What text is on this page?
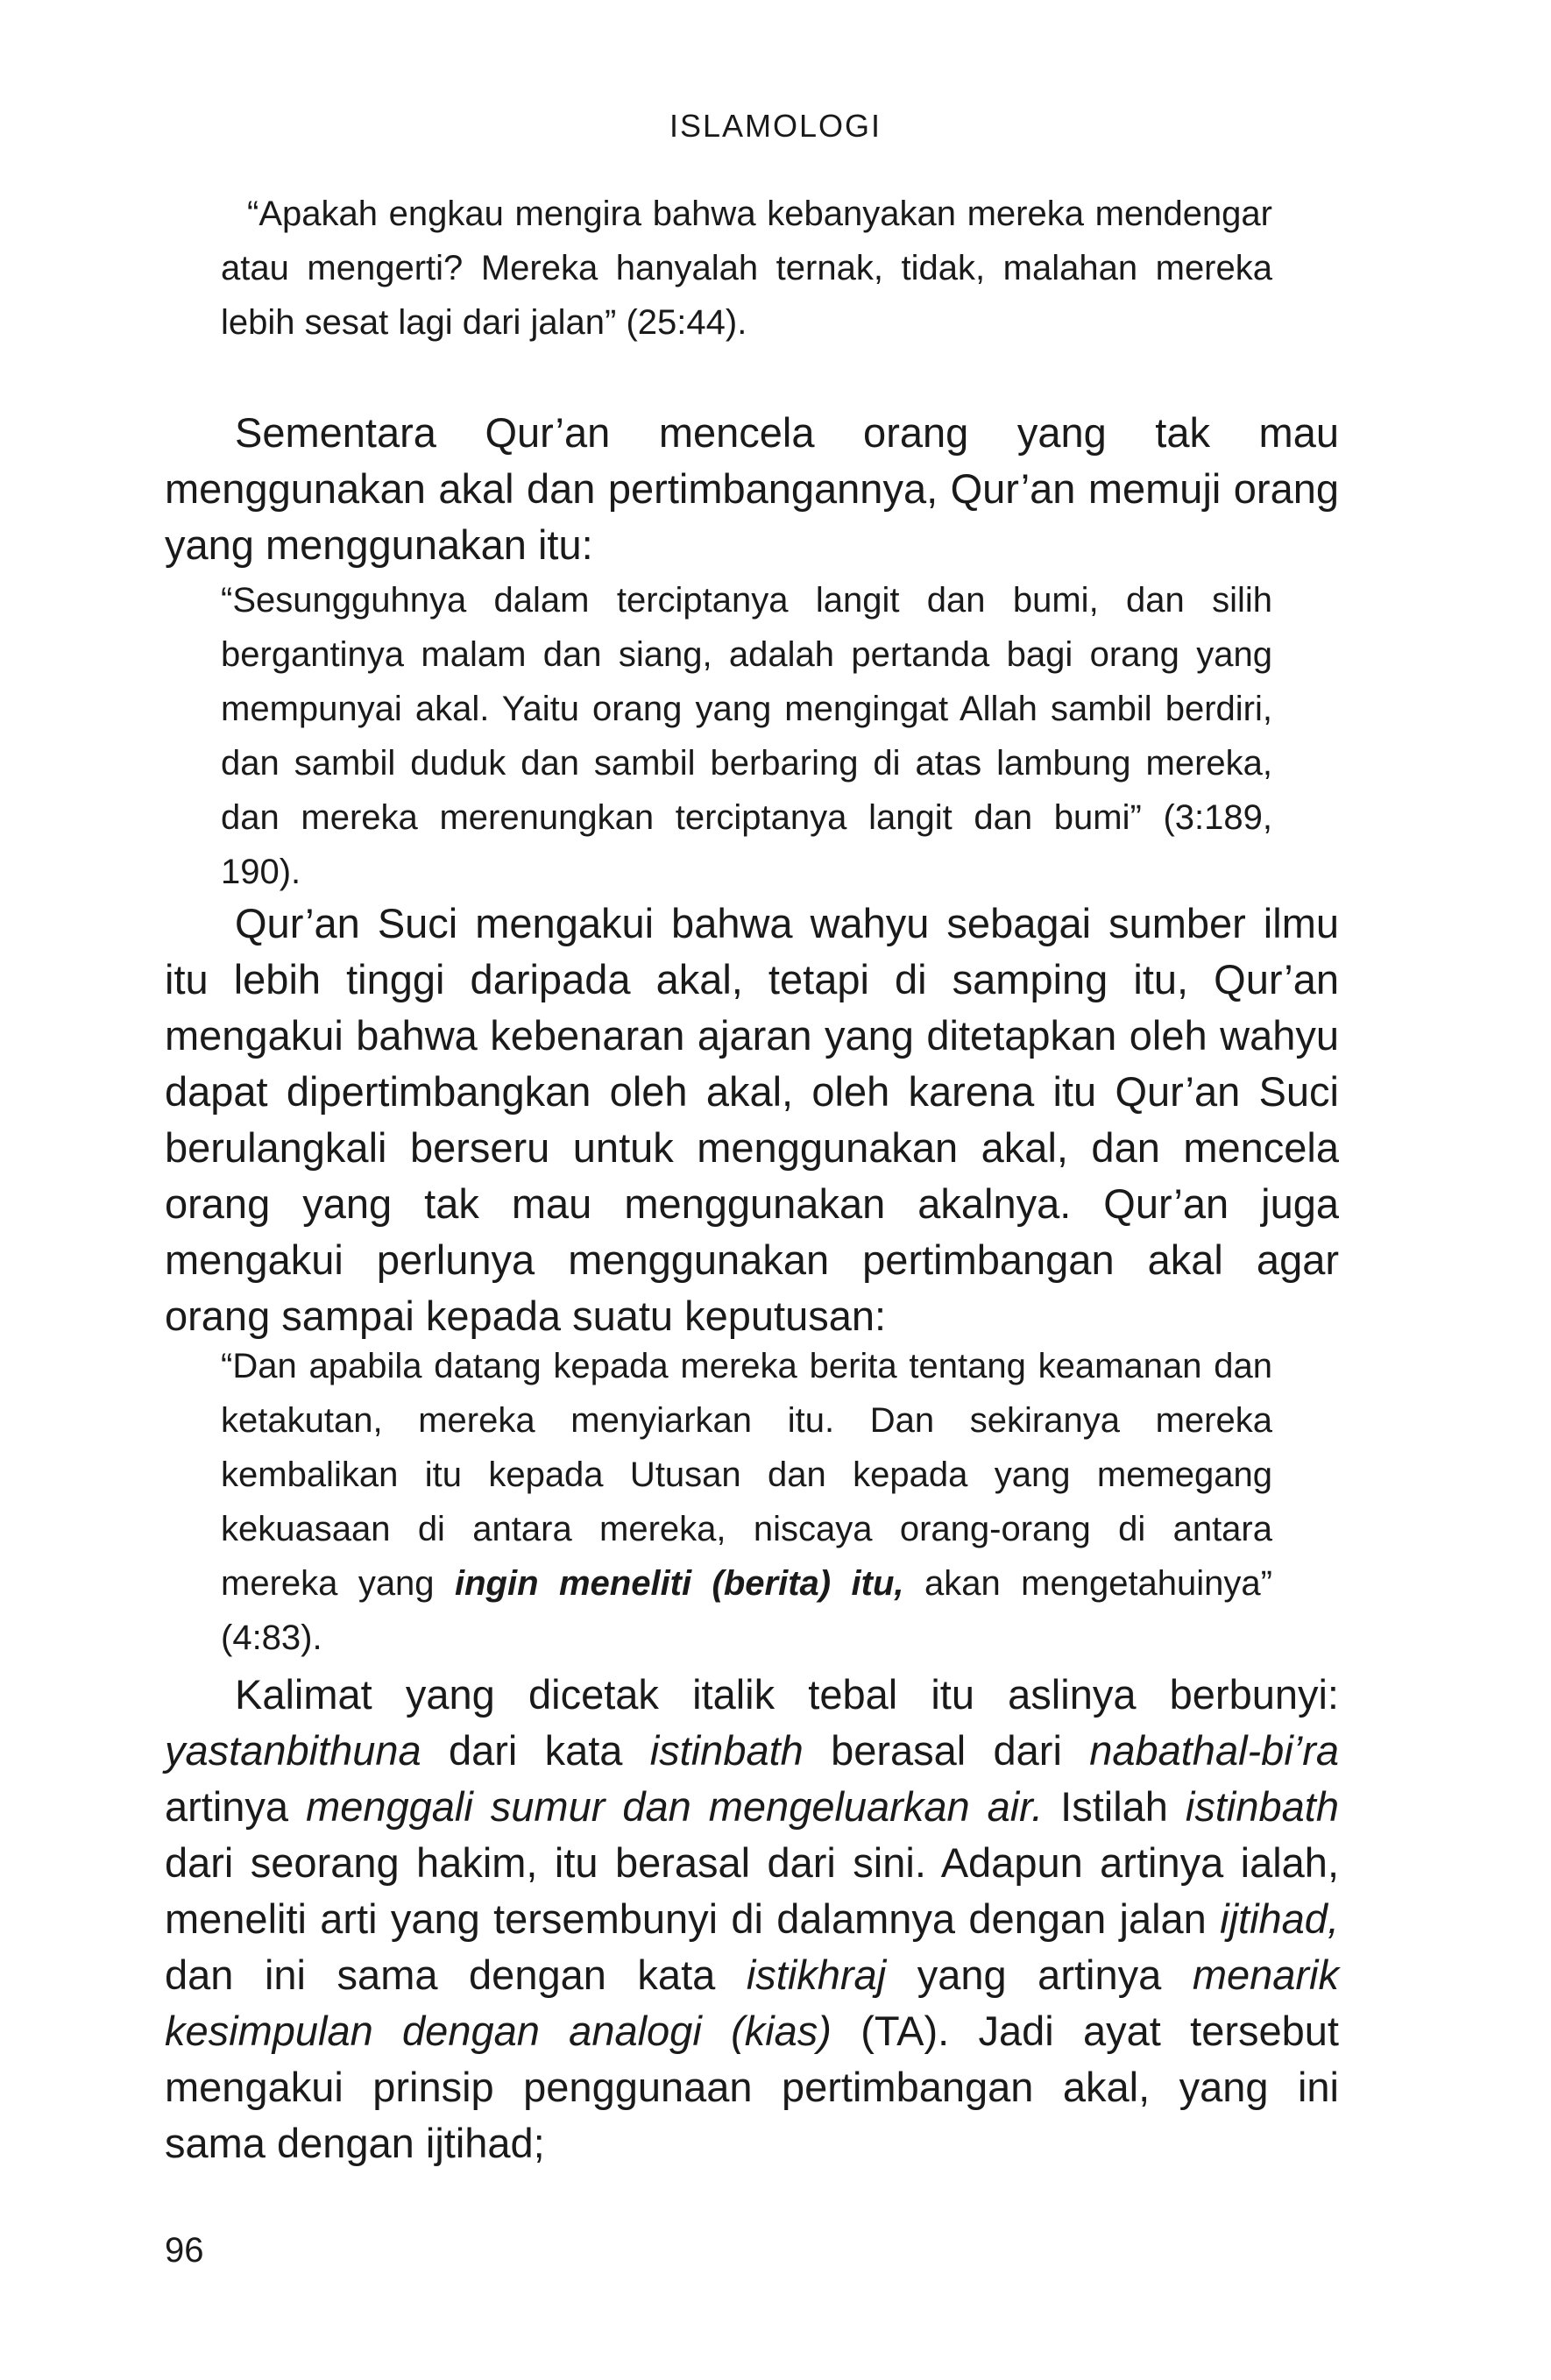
ISLAMOLOGI

“Apakah engkau mengira bahwa kebanyakan mereka mendengar atau mengerti? Mereka hanyalah ternak, tidak, malahan mereka lebih sesat lagi dari jalan” (25:44).

Sementara Qur’an mencela orang yang tak mau menggunakan akal dan pertimbangannya, Qur’an memuji orang yang menggunakan itu:

“Sesungguhnya dalam terciptanya langit dan bumi, dan silih bergantinya malam dan siang, adalah pertanda bagi orang yang mempunyai akal. Yaitu orang yang mengingat Allah sambil berdiri, dan sambil duduk dan sambil berbaring di atas lambung mereka, dan mereka merenungkan terciptanya langit dan bumi” (3:189, 190).

Qur’an Suci mengakui bahwa wahyu sebagai sumber ilmu itu lebih tinggi daripada akal, tetapi di samping itu, Qur’an mengakui bahwa kebenaran ajaran yang ditetapkan oleh wahyu dapat dipertimbangkan oleh akal, oleh karena itu Qur’an Suci berulangkali berseru untuk menggunakan akal, dan mencela orang yang tak mau menggunakan akalnya. Qur’an juga mengakui perlunya menggunakan pertimbangan akal agar orang sampai kepada suatu keputusan:

“Dan apabila datang kepada mereka berita tentang keamanan dan ketakutan, mereka menyiarkan itu. Dan sekiranya mereka kembalikan itu kepada Utusan dan kepada yang memegang kekuasaan di antara mereka, niscaya orang-orang di antara mereka yang ingin meneliti (berita) itu, akan mengetahuinya” (4:83).

Kalimat yang dicetak italik tebal itu aslinya berbunyi: yastanbithuna dari kata istinbath berasal dari nabathal-bi’ra artinya menggali sumur dan mengeluarkan air. Istilah istinbath dari seorang hakim, itu berasal dari sini. Adapun artinya ialah, meneliti arti yang tersembunyi di dalamnya dengan jalan ijtihad, dan ini sama dengan kata istikhraj yang artinya menarik kesimpulan dengan analogi (kias) (TA). Jadi ayat tersebut mengakui prinsip penggunaan pertimbangan akal, yang ini sama dengan ijtihad;

96
